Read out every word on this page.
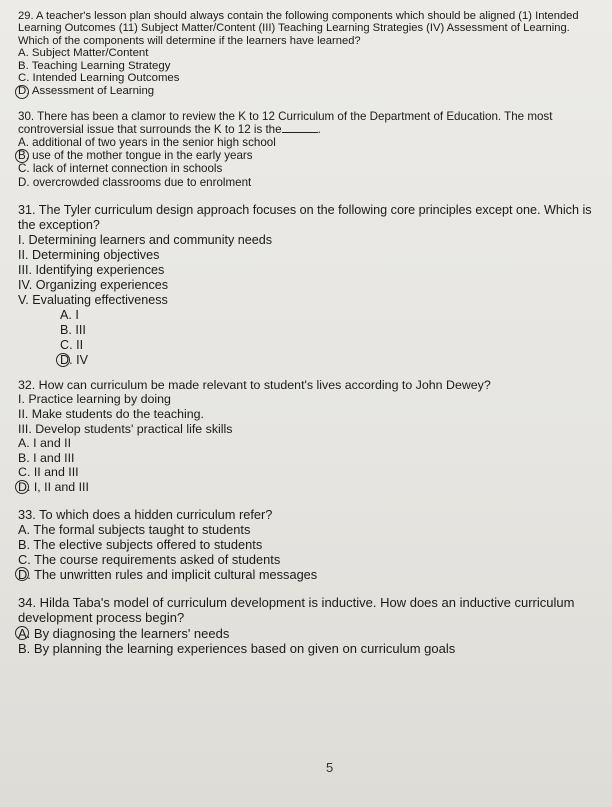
29. A teacher's lesson plan should always contain the following components which should be aligned (1) Intended Learning Outcomes (11) Subject Matter/Content (III) Teaching Learning Strategies (IV) Assessment of Learning. Which of the components will determine if the learners have learned?

A. Subject Matter/Content

B. Teaching Learning Strategy

C. Intended Learning Outcomes

D. Assessment of Learning

30. There has been a clamor to review the K to 12 Curriculum of the Department of Education. The most controversial issue that surrounds the K to 12 is the	.

A. additional of two years in the senior high school

B. use of the mother tongue in the early years

C. lack of internet connection in schools

D. overcrowded classrooms due to enrolment

31. The Tyler curriculum design approach focuses on the following core principles except one. Which is the exception?

I. Determining learners and community needs

II. Determining objectives

III. Identifying experiences

IV. Organizing experiences

V. Evaluating effectiveness

A. I

B. III

C. II

D. IV

32. How can curriculum be made relevant to student's lives according to John Dewey?

I. Practice learning by doing

II. Make students do the teaching.

III. Develop students' practical life skills

A. I and II

B. I and III

C. II and III

D. I, II and III

33. To which does a hidden curriculum refer?

A. The formal subjects taught to students

B. The elective subjects offered to students

C. The course requirements asked of students

D. The unwritten rules and implicit cultural messages

34. Hilda Taba's model of curriculum development is inductive. How does an inductive curriculum development process begin?

A. By diagnosing the learners' needs

B. By planning the learning experiences based on given on curriculum goals

5
